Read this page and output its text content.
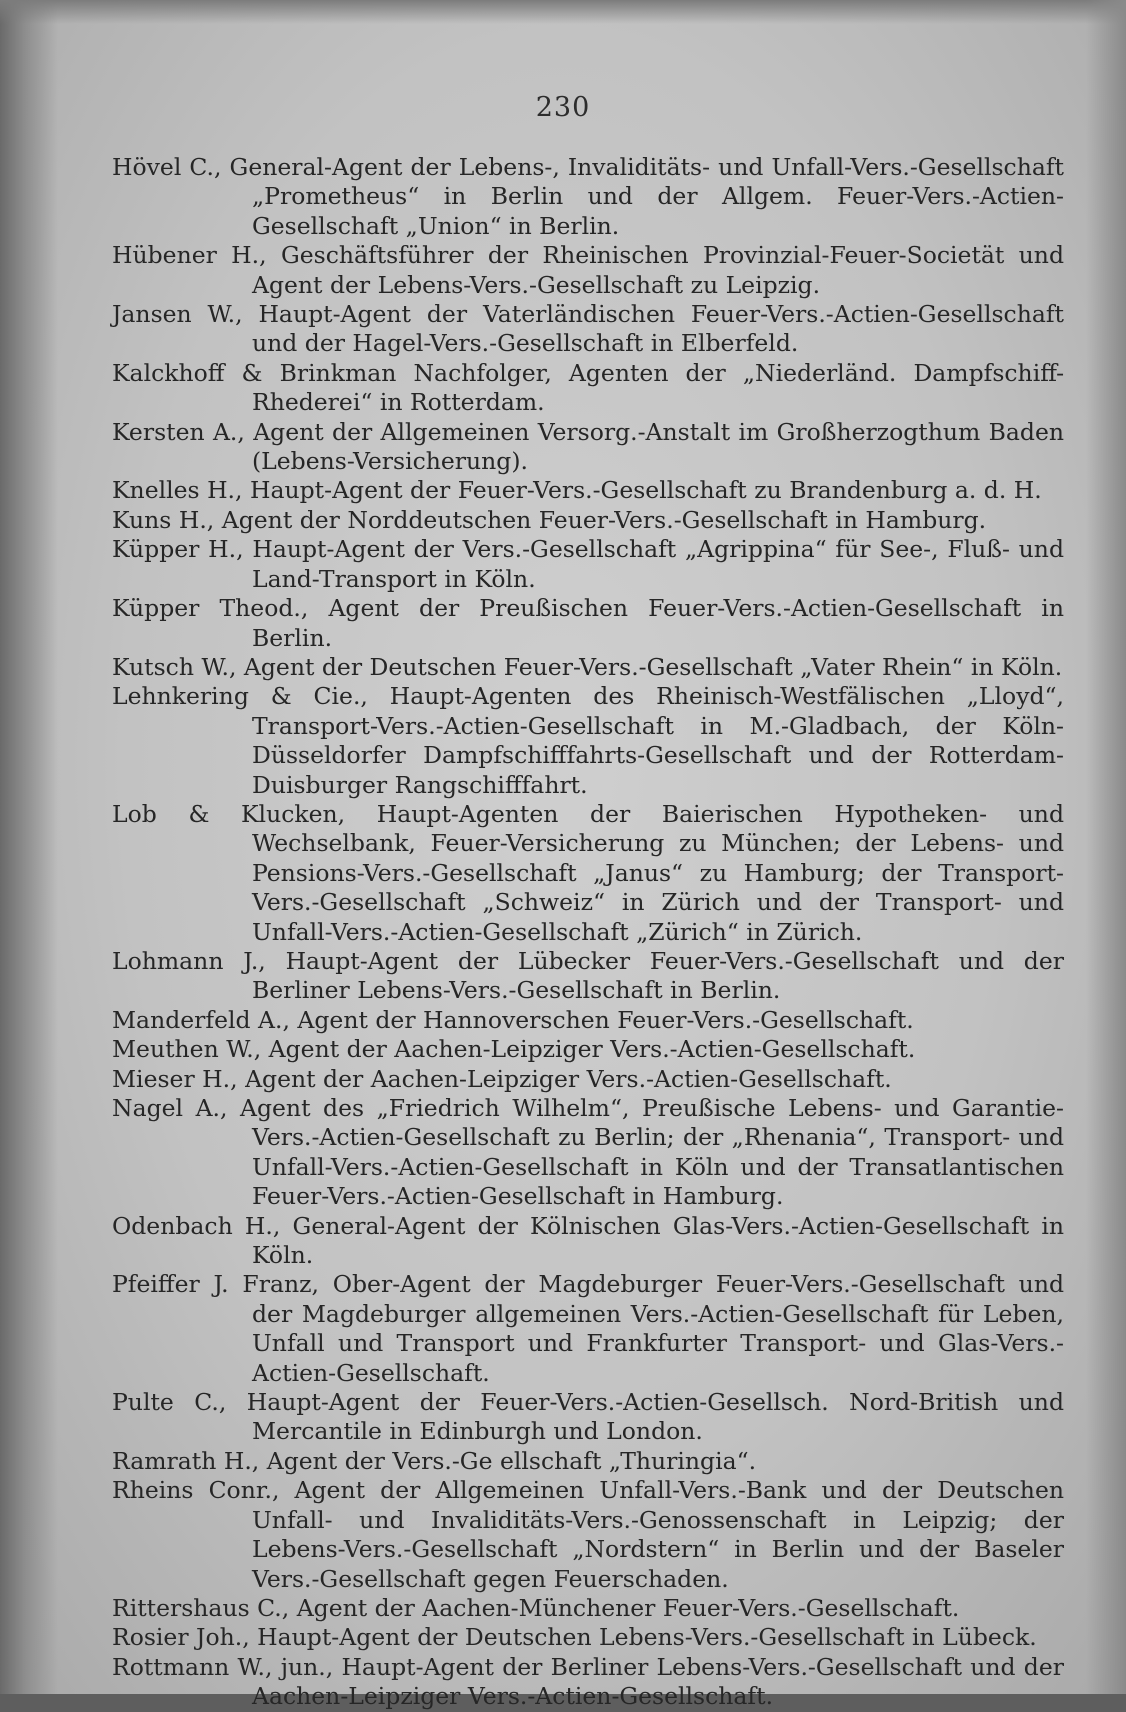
230
Hövel C., General-Agent der Lebens-, Invaliditäts- und Unfall-Vers.-Gesellschaft „Prometheus“ in Berlin und der Allgem. Feuer-Vers.-Actien-Gesellschaft „Union“ in Berlin.
Hübener H., Geschäftsführer der Rheinischen Provinzial-Feuer-Societät und Agent der Lebens-Vers.-Gesellschaft zu Leipzig.
Jansen W., Haupt-Agent der Vaterländischen Feuer-Vers.-Actien-Gesellschaft und der Hagel-Vers.-Gesellschaft in Elberfeld.
Kalckhoff & Brinkman Nachfolger, Agenten der „Niederländ. Dampfschiff-Rhederei“ in Rotterdam.
Kersten A., Agent der Allgemeinen Versorg.-Anstalt im Großherzogthum Baden (Lebens-Versicherung).
Knelles H., Haupt-Agent der Feuer-Vers.-Gesellschaft zu Brandenburg a. d. H.
Kuns H., Agent der Norddeutschen Feuer-Vers.-Gesellschaft in Hamburg.
Küpper H., Haupt-Agent der Vers.-Gesellschaft „Agrippina“ für See-, Fluß- und Land-Transport in Köln.
Küpper Theod., Agent der Preußischen Feuer-Vers.-Actien-Gesellschaft in Berlin.
Kutsch W., Agent der Deutschen Feuer-Vers.-Gesellschaft „Vater Rhein“ in Köln.
Lehnkering & Cie., Haupt-Agenten des Rheinisch-Westfälischen „Lloyd“, Transport-Vers.-Actien-Gesellschaft in M.-Gladbach, der Köln-Düsseldorfer Dampfschifffahrts-Gesellschaft und der Rotterdam-Duisburger Rangschifffahrt.
Lob & Klucken, Haupt-Agenten der Baierischen Hypotheken- und Wechselbank, Feuer-Versicherung zu München; der Lebens- und Pensions-Vers.-Gesellschaft „Janus“ zu Hamburg; der Transport-Vers.-Gesellschaft „Schweiz“ in Zürich und der Transport- und Unfall-Vers.-Actien-Gesellschaft „Zürich“ in Zürich.
Lohmann J., Haupt-Agent der Lübecker Feuer-Vers.-Gesellschaft und der Berliner Lebens-Vers.-Gesellschaft in Berlin.
Manderfeld A., Agent der Hannoverschen Feuer-Vers.-Gesellschaft.
Meuthen W., Agent der Aachen-Leipziger Vers.-Actien-Gesellschaft.
Mieser H., Agent der Aachen-Leipziger Vers.-Actien-Gesellschaft.
Nagel A., Agent des „Friedrich Wilhelm“, Preußische Lebens- und Garantie-Vers.-Actien-Gesellschaft zu Berlin; der „Rhenania“, Transport- und Unfall-Vers.-Actien-Gesellschaft in Köln und der Transatlantischen Feuer-Vers.-Actien-Gesellschaft in Hamburg.
Odenbach H., General-Agent der Kölnischen Glas-Vers.-Actien-Gesellschaft in Köln.
Pfeiffer J. Franz, Ober-Agent der Magdeburger Feuer-Vers.-Gesellschaft und der Magdeburger allgemeinen Vers.-Actien-Gesellschaft für Leben, Unfall und Transport und Frankfurter Transport- und Glas-Vers.-Actien-Gesellschaft.
Pulte C., Haupt-Agent der Feuer-Vers.-Actien-Gesellsch. Nord-British und Mercantile in Edinburgh und London.
Ramrath H., Agent der Vers.-Ge ellschaft „Thuringia“.
Rheins Conr., Agent der Allgemeinen Unfall-Vers.-Bank und der Deutschen Unfall- und Invaliditäts-Vers.-Genossenschaft in Leipzig; der Lebens-Vers.-Gesellschaft „Nordstern“ in Berlin und der Baseler Vers.-Gesellschaft gegen Feuerschaden.
Rittershaus C., Agent der Aachen-Münchener Feuer-Vers.-Gesellschaft.
Rosier Joh., Haupt-Agent der Deutschen Lebens-Vers.-Gesellschaft in Lübeck.
Rottmann W., jun., Haupt-Agent der Berliner Lebens-Vers.-Gesellschaft und der Aachen-Leipziger Vers.-Actien-Gesellschaft.
